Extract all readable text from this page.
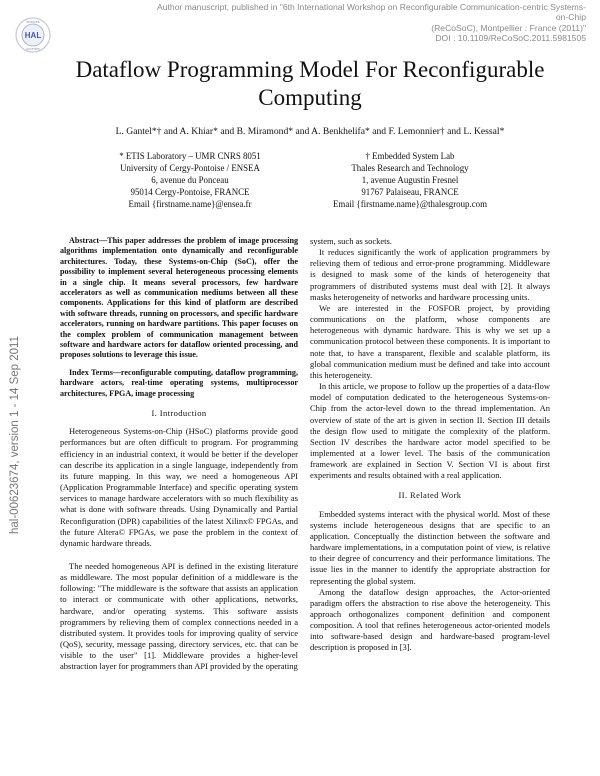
Author manuscript, published in "6th International Workshop on Reconfigurable Communication-centric Systems-on-Chip
(ReCoSoC), Montpellier : France (2011)"
DOI : 10.1109/ReCoSoC.2011.5981505
HAL
archives
ouvertes
hal-00623674, version 1 - 14 Sep 2011
Dataflow Programming Model For Reconfigurable Computing
L. Gantel*† and A. Khiar* and B. Miramond* and A. Benkhelifa* and F. Lemonnier† and L. Kessal*
* ETIS Laboratory – UMR CNRS 8051
University of Cergy-Pontoise / ENSEA
6, avenue du Ponceau
95014 Cergy-Pontoise, FRANCE
Email {firstname.name}@ensea.fr
† Embedded System Lab
Thales Research and Technology
1, avenue Augustin Fresnel
91767 Palaiseau, FRANCE
Email {firstname.name}@thalesgroup.com

Abstract—This paper addresses the problem of image processing algorithms implementation onto dynamically and reconfigurable architectures. Today, these Systems-on-Chip (SoC), offer the possibility to implement several heterogeneous processing elements in a single chip. It means several processors, few hardware accelerators as well as communication mediums between all these components. Applications for this kind of platform are described with software threads, running on processors, and specific hardware accelerators, running on hardware partitions. This paper focuses on the complex problem of communication management between software and hardware actors for dataflow oriented processing, and proposes solutions to leverage this issue.

Index Terms—reconfigurable computing, dataflow programming, hardware actors, real-time operating systems, multiprocessor architectures, FPGA, image processing

I. Introduction

Heterogeneous Systems-on-Chip (HSoC) platforms provide good performances but are often difficult to program. For programming efficiency in an industrial context, it would be better if the developer can describe its application in a single language, independently from its future mapping. In this way, we need a homogeneous API (Application Programmable Interface) and specific operating system services to manage hardware accelerators with so much flexibility as what is done with software threads. Using Dynamically and Partial Reconfiguration (DPR) capabilities of the latest Xilinx© FPGAs, and the future Altera© FPGAs, we pose the problem in the context of dynamic hardware threads.

The needed homogeneous API is defined in the existing literature as middleware. The most popular definition of a middleware is the following: "The middleware is the software that assists an application to interact or communicate with other applications, networks, hardware, and/or operating systems. This software assists programmers by relieving them of complex connections needed in a distributed system. It provides tools for improving quality of service (QoS), security, message passing, directory services, etc. that can be visible to the user" [1]. Middleware provides a higher-level abstraction layer for programmers than API provided by the operating

system, such as sockets.

It reduces significantly the work of application programmers by relieving them of tedious and error-prone programming. Middleware is designed to mask some of the kinds of heterogeneity that programmers of distributed systems must deal with [2]. It always masks heterogeneity of networks and hardware processing units.

We are interested in the FOSFOR project, by providing communications on the platform, whose components are heterogeneous with dynamic hardware. This is why we set up a communication protocol between these components. It is important to note that, to have a transparent, flexible and scalable platform, its global communication medium must be defined and take into account this heterogeneity.

In this article, we propose to follow up the properties of a data-flow model of computation dedicated to the heterogeneous Systems-on-Chip from the actor-level down to the thread implementation. An overview of state of the art is given in section II. Section III details the design flow used to mitigate the complexity of the platform. Section IV describes the hardware actor model specified to be implemented at a lower level. The basis of the communication framework are explained in Section V. Section VI is about first experiments and results obtained with a real application.

II. Related Work

Embedded systems interact with the physical world. Most of these systems include heterogeneous designs that are specific to an application. Conceptually the distinction between the software and hardware implementations, in a computation point of view, is relative to their degree of concurrency and their performance limitations. The issue lies in the manner to identify the appropriate abstraction for representing the global system.

Among the dataflow design approaches, the Actor-oriented paradigm offers the abstraction to rise above the heterogeneity. This approach orthogonalizes component definition and component composition. A tool that refines heterogeneous actor-oriented models into software-based design and hardware-based program-level description is proposed in [3].
